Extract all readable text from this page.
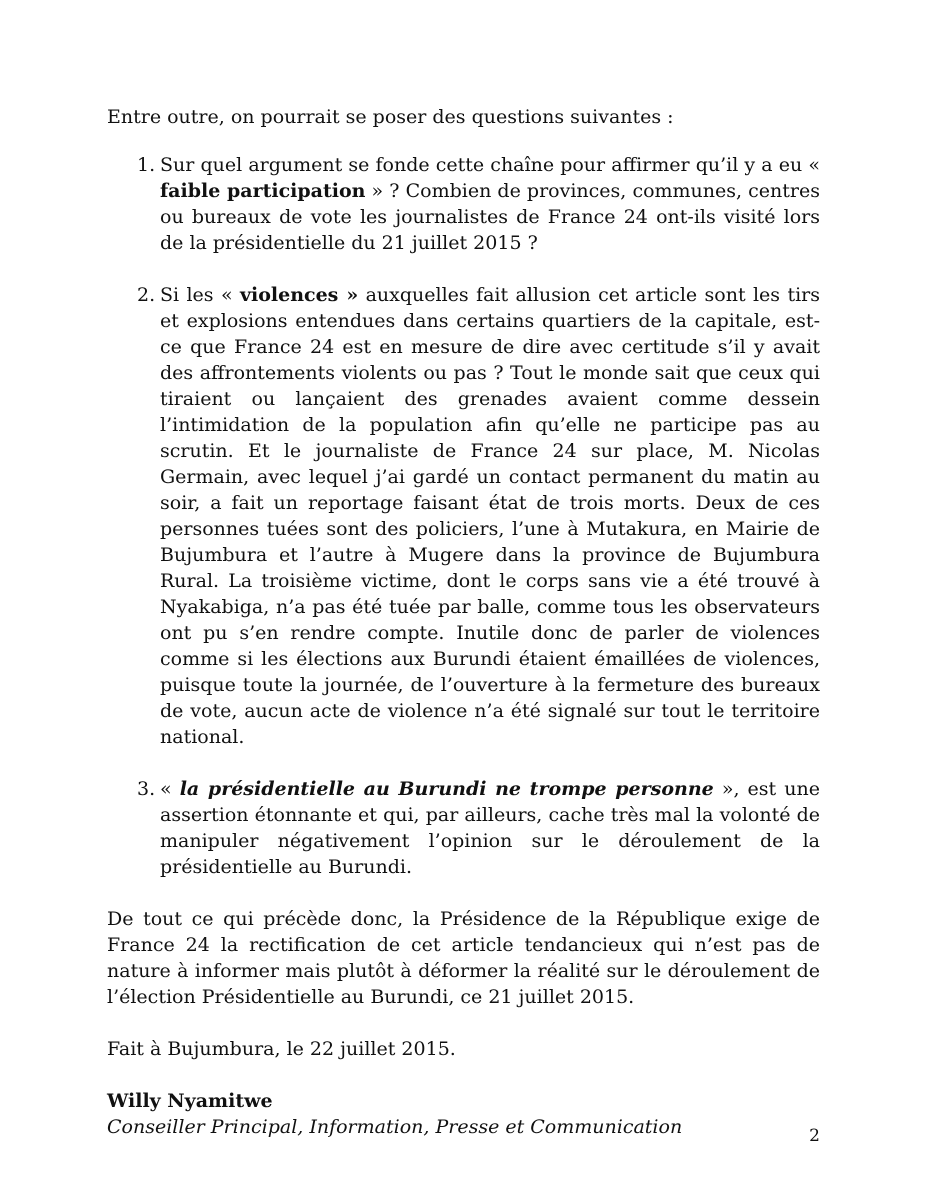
Entre outre, on pourrait se poser des questions suivantes :

1. Sur quel argument se fonde cette chaîne pour affirmer qu’il y a eu « faible participation » ? Combien de provinces, communes, centres ou bureaux de vote les journalistes de France 24 ont-ils visité lors de la présidentielle du 21 juillet 2015 ?
2. Si les « violences » auxquelles fait allusion cet article sont les tirs et explosions entendues dans certains quartiers de la capitale, est-ce que France 24 est en mesure de dire avec certitude s’il y avait des affrontements violents ou pas ? Tout le monde sait que ceux qui tiraient ou lançaient des grenades avaient comme dessein l’intimidation de la population afin qu’elle ne participe pas au scrutin. Et le journaliste de France 24 sur place, M. Nicolas Germain, avec lequel j’ai gardé un contact permanent du matin au soir, a fait un reportage faisant état de trois morts. Deux de ces personnes tuées sont des policiers, l’une à Mutakura, en Mairie de Bujumbura et l’autre à Mugere dans la province de Bujumbura Rural. La troisième victime, dont le corps sans vie a été trouvé à Nyakabiga, n’a pas été tuée par balle, comme tous les observateurs ont pu s’en rendre compte. Inutile donc de parler de violences comme si les élections aux Burundi étaient émaillées de violences, puisque toute la journée, de l’ouverture à la fermeture des bureaux de vote, aucun acte de violence n’a été signalé sur tout le territoire national.
3. « la présidentielle au Burundi ne trompe personne », est une assertion étonnante et qui, par ailleurs, cache très mal la volonté de manipuler négativement l’opinion sur le déroulement de la présidentielle au Burundi.

De tout ce qui précède donc, la Présidence de la République exige de France 24 la rectification de cet article tendancieux qui n’est pas de nature à informer mais plutôt à déformer la réalité sur le déroulement de l’élection Présidentielle au Burundi, ce 21 juillet 2015.

Fait à Bujumbura, le 22 juillet 2015.

Willy Nyamitwe

Conseiller Principal, Information, Presse et Communication	2
